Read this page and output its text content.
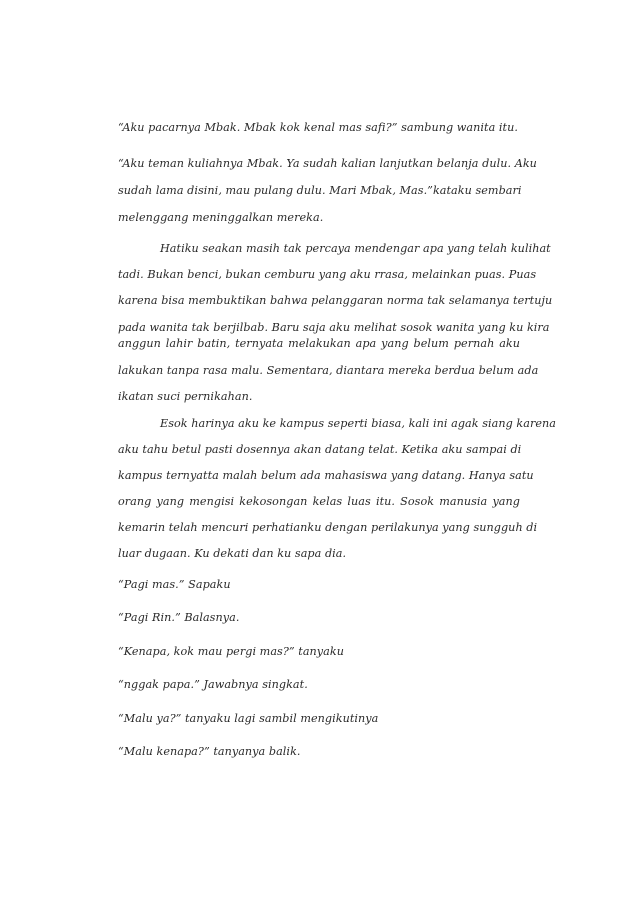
“Aku pacarnya Mbak. Mbak kok kenal mas safi?” sambung wanita itu.
“Aku teman kuliahnya Mbak. Ya sudah kalian lanjutkan belanja dulu. Aku
sudah lama disini, mau pulang dulu. Mari Mbak, Mas.”kataku sembari
melenggang meninggalkan mereka.
Hatiku seakan masih tak percaya mendengar apa yang telah kulihat
tadi. Bukan benci, bukan cemburu yang aku rrasa, melainkan puas. Puas
karena bisa membuktikan bahwa pelanggaran norma tak selamanya tertuju
pada wanita tak berjilbab. Baru saja aku melihat sosok wanita yang ku kira
anggun lahir batin, ternyata melakukan apa yang belum pernah aku
lakukan tanpa rasa malu. Sementara, diantara mereka berdua belum ada
ikatan suci pernikahan.
Esok harinya aku ke kampus seperti biasa, kali ini agak siang karena
aku tahu betul pasti dosennya akan datang telat. Ketika aku sampai di
kampus ternyatta malah belum ada mahasiswa yang datang. Hanya satu
orang yang mengisi kekosongan kelas luas itu. Sosok manusia yang
kemarin telah mencuri perhatianku dengan perilakunya yang sungguh di
luar dugaan. Ku dekati dan ku sapa dia.
“Pagi mas.” Sapaku
“Pagi Rin.” Balasnya.
“Kenapa, kok mau pergi mas?” tanyaku
“nggak papa.” Jawabnya singkat.
“Malu ya?” tanyaku lagi sambil mengikutinya
“Malu kenapa?” tanyanya balik.
